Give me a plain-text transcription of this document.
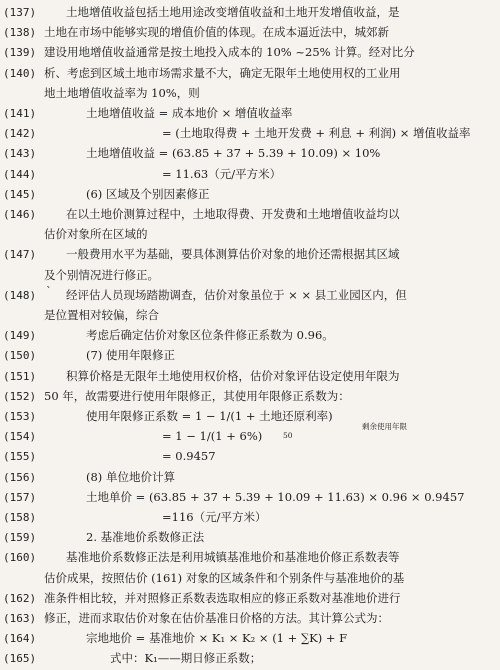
(137)	土地增值收益包括土地用途改变增值收益和土地开发增值收益，是
(138) 土地在市场中能够实现的增值价值的体现。在成本逼近法中，城郊新
(139) 建设用地增值收益通常是按土地投入成本的 10% ~25% 计算。经对比分
(140) 析、考虑到区域土地市场需求量不大，确定无限年土地使用权的工业用
地土地增值收益率为 10%，则
(141)	土地增值收益 = 成本地价 × 增值收益率
(142)	= (土地取得费 + 土地开发费 + 利息 + 利润) × 增值收益率
(143)	土地增值收益 = (63.85 + 37 + 5.39 + 10.09) × 10%
(144)	= 11.63（元/平方米）
(145)	(6) 区域及个别因素修正
(146)	在以土地价测算过程中，土地取得费、开发费和土地增值收益均以
估价对象所在区域的
(147)	一般费用水平为基础，要具体测算估价对象的地价还需根据其区域
及个别情况进行修正。
(148)	经评估人员现场踏勘调查，估价对象虽位于 × × 县工业园区内，但
`
是位置相对较偏，综合
(149)	考虑后确定估价对象区位条件修正系数为 0.96。
(150)	(7) 使用年限修正
(151)	积算价格是无限年土地使用权价格，估价对象评估设定使用年限为
(152) 50 年，故需要进行使用年限修正，其使用年限修正系数为：
(153)	使用年限修正系数 = 1 − 1/(1 + 土地还原利率)
剩余使用年限
(154)	= 1 − 1/(1 + 6%)	50
(155)	= 0.9457
(156)	(8) 单位地价计算
(157)	土地单价 = (63.85 + 37 + 5.39 + 10.09 + 11.63) × 0.96 × 0.9457
(158)	=116（元/平方米）
(159)	2. 基准地价系数修正法
(160)	基准地价系数修正法是利用城镇基准地价和基准地价修正系数表等
估价成果，按照估价 (161) 对象的区域条件和个别条件与基准地价的基
(162) 准条件相比较，并对照修正系数表选取相应的修正系数对基准地价进行
(163) 修正，进而求取估价对象在估价基准日价格的方法。其计算公式为：
(164)	宗地地价 = 基准地价 × K₁ × K₂ × (1 + ∑K) + F
(165)	式中：K₁——期日修正系数；
